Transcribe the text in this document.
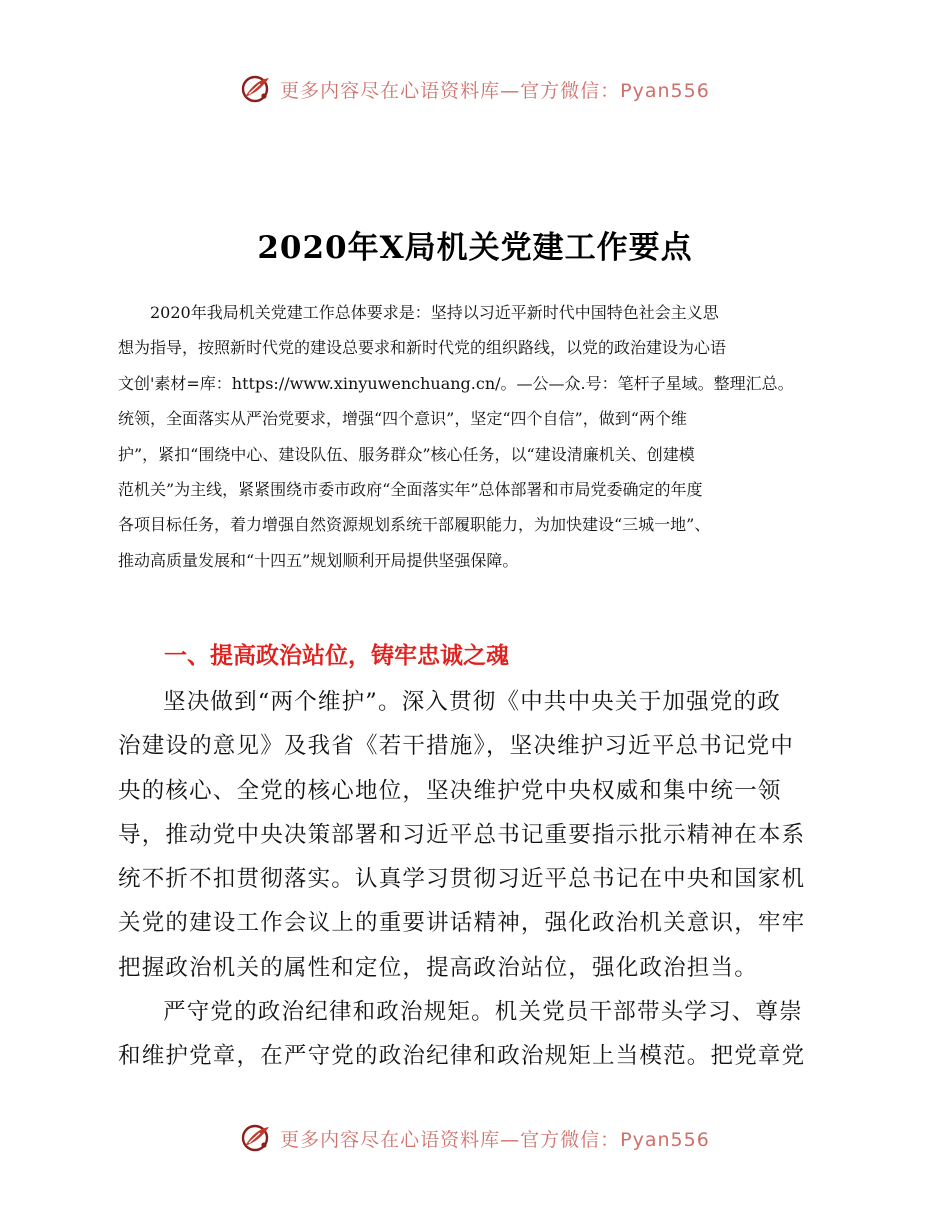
更多内容尽在心语资料库—官方微信：Pyan556
2020年X局机关党建工作要点

2020年我局机关党建工作总体要求是：坚持以习近平新时代中国特色社会主义思
想为指导，按照新时代党的建设总要求和新时代党的组织路线，以党的政治建设为心语
文创'素材=库：https://www.xinyuwenchuang.cn/。—公—众.号：笔杆子星域。整理汇总。
统领，全面落实从严治党要求，增强“四个意识”，坚定“四个自信”，做到“两个维
护”，紧扣“围绕中心、建设队伍、服务群众”核心任务，以“建设清廉机关、创建模
范机关”为主线，紧紧围绕市委市政府“全面落实年”总体部署和市局党委确定的年度
各项目标任务，着力增强自然资源规划系统干部履职能力，为加快建设“三城一地”、
推动高质量发展和“十四五”规划顺利开局提供坚强保障。

一、提高政治站位，铸牢忠诚之魂

坚决做到“两个维护”。深入贯彻《中共中央关于加强党的政
治建设的意见》及我省《若干措施》，坚决维护习近平总书记党中
央的核心、全党的核心地位，坚决维护党中央权威和集中统一领
导，推动党中央决策部署和习近平总书记重要指示批示精神在本系
统不折不扣贯彻落实。认真学习贯彻习近平总书记在中央和国家机
关党的建设工作会议上的重要讲话精神，强化政治机关意识，牢牢
把握政治机关的属性和定位，提高政治站位，强化政治担当。

严守党的政治纪律和政治规矩。机关党员干部带头学习、尊崇
和维护党章，在严守党的政治纪律和政治规矩上当模范。把党章党

更多内容尽在心语资料库—官方微信：Pyan556
